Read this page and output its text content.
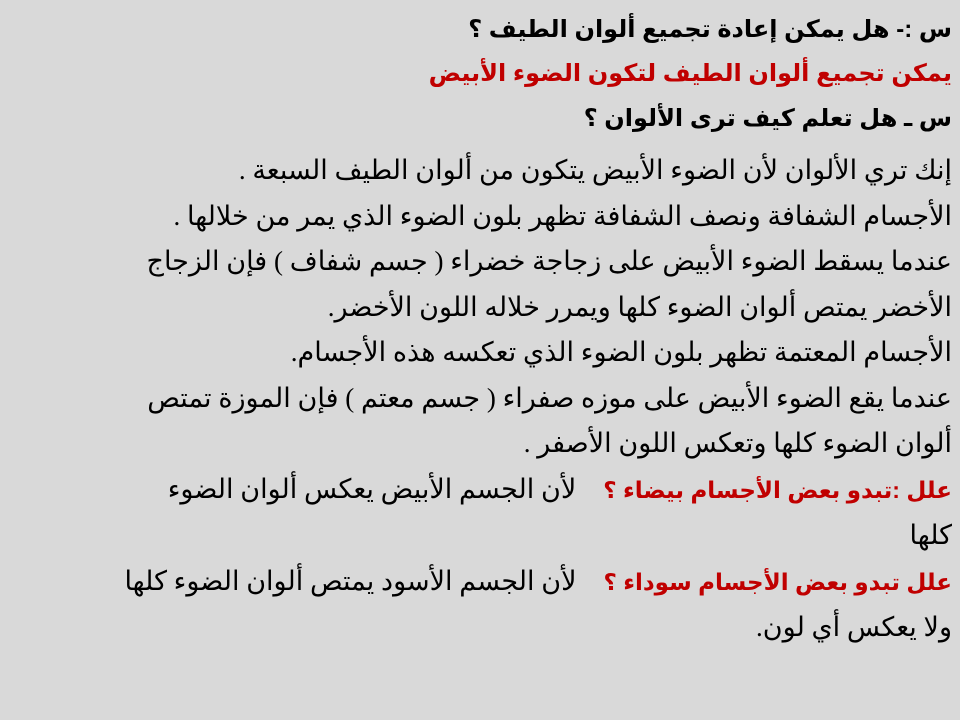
س :- هل يمكن إعادة تجميع ألوان الطيف ؟
يمكن تجميع ألوان الطيف لتكون الضوء الأبيض
س ـ هل تعلم كيف ترى الألوان ؟
إنك تري الألوان لأن الضوء الأبيض يتكون من ألوان الطيف السبعة .
الأجسام الشفافة ونصف الشفافة تظهر بلون الضوء الذي يمر من خلالها .
عندما يسقط الضوء الأبيض على زجاجة خضراء ( جسم شفاف ) فإن الزجاج
الأخضر يمتص ألوان الضوء كلها ويمرر خلاله اللون الأخضر.
الأجسام المعتمة تظهر بلون الضوء الذي تعكسه هذه الأجسام.
عندما يقع الضوء الأبيض على موزه صفراء ( جسم معتم ) فإن الموزة تمتص
ألوان الضوء كلها وتعكس اللون الأصفر .
علل :تبدو بعض الأجسام بيضاء ؟    لأن الجسم الأبيض يعكس ألوان الضوء
كلها
علل تبدو بعض الأجسام سوداء ؟    لأن الجسم الأسود يمتص ألوان الضوء كلها
ولا يعكس أي لون.
